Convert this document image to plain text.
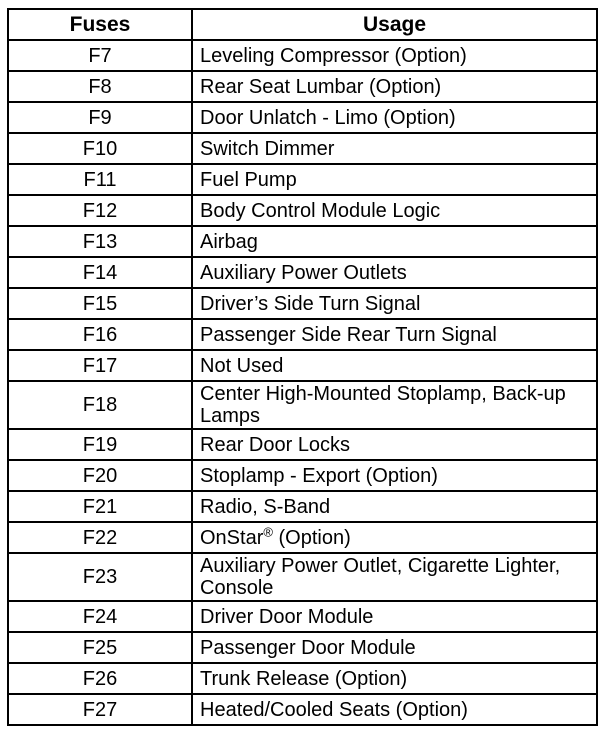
Fuses	Usage
F7	Leveling Compressor (Option)
F8	Rear Seat Lumbar (Option)
F9	Door Unlatch - Limo (Option)
F10	Switch Dimmer
F11	Fuel Pump
F12	Body Control Module Logic
F13	Airbag
F14	Auxiliary Power Outlets
F15	Driver’s Side Turn Signal
F16	Passenger Side Rear Turn Signal
F17	Not Used
F18	Center High-Mounted Stoplamp, Back-up Lamps
F19	Rear Door Locks
F20	Stoplamp - Export (Option)
F21	Radio, S-Band
F22	OnStar® (Option)
F23	Auxiliary Power Outlet, Cigarette Lighter, Console
F24	Driver Door Module
F25	Passenger Door Module
F26	Trunk Release (Option)
F27	Heated/Cooled Seats (Option)
